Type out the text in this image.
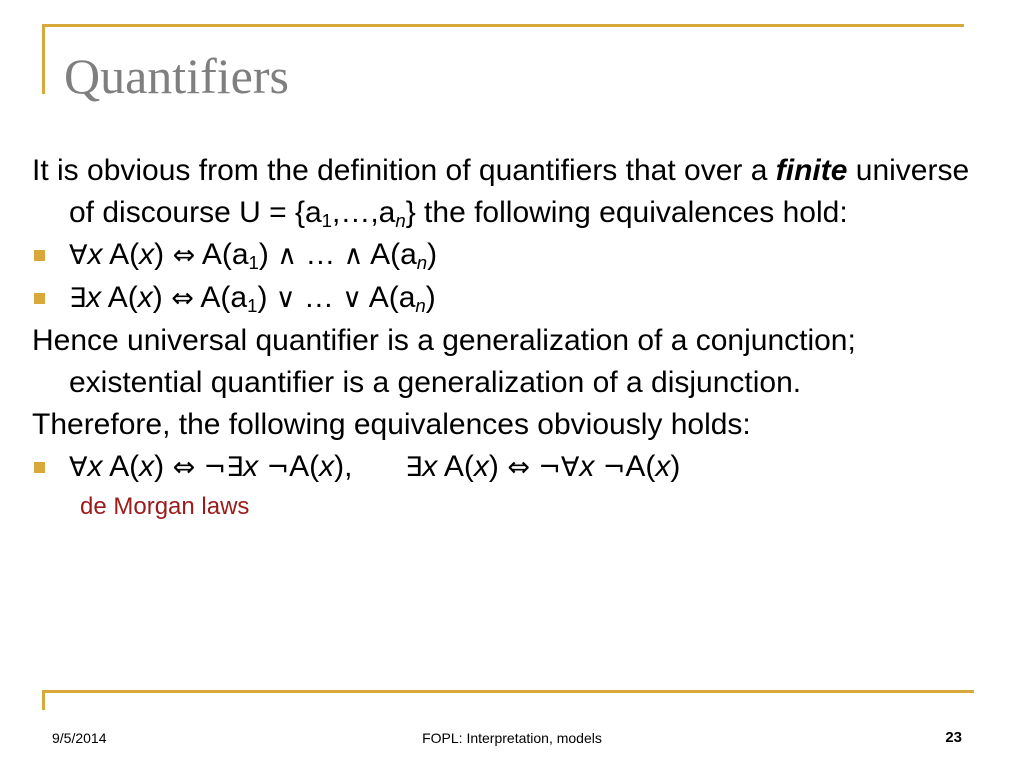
Quantifiers
It is obvious from the definition of quantifiers that over a finite universe of discourse $U = \{a_1,\dots,a_n\}$ the following equivalences hold:
∀x A(x) ⇔ $A(a_1)$ ∧ … ∧ $A(a_n)$
∃x A(x) ⇔ $A(a_1)$ ∨ … ∨ $A(a_n)$
Hence universal quantifier is a generalization of a conjunction;
existential quantifier is a generalization of a disjunction.
Therefore, the following equivalences obviously holds:
∀x A(x) ⇔ ¬∃x ¬A(x), ∃x A(x) ⇔ ¬∀x ¬A(x)
de Morgan laws
9/5/2014	FOPL: Interpretation, models	23
